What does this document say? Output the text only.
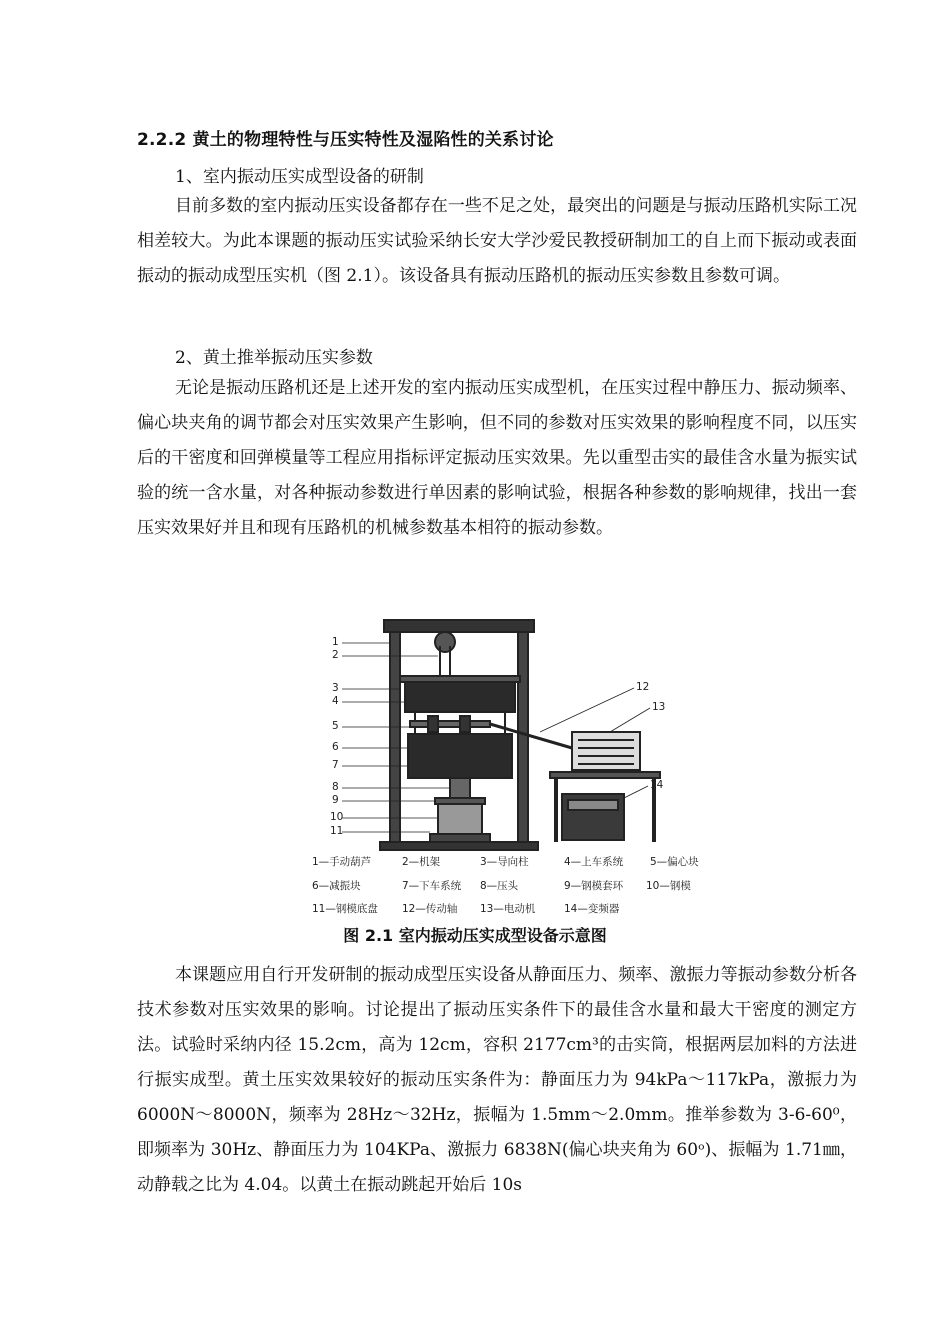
2.2.2 黄土的物理特性与压实特性及湿陷性的关系讨论
1、室内振动压实成型设备的研制
目前多数的室内振动压实设备都存在一些不足之处，最突出的问题是与振动压路机实际工况相差较大。为此本课题的振动压实试验采纳长安大学沙爱民教授研制加工的自上而下振动或表面振动的振动成型压实机（图 2.1）。该设备具有振动压路机的振动压实参数且参数可调。
2、黄土推举振动压实参数
无论是振动压路机还是上述开发的室内振动压实成型机，在压实过程中静压力、振动频率、偏心块夹角的调节都会对压实效果产生影响，但不同的参数对压实效果的影响程度不同，以压实后的干密度和回弹模量等工程应用指标评定振动压实效果。先以重型击实的最佳含水量为振实试验的统一含水量，对各种振动参数进行单因素的影响试验，根据各种参数的影响规律，找出一套压实效果好并且和现有压路机的机械参数基本相符的振动参数。
1
2
3
4
5
6
7
8
9
10
11
12
13
14
1—手动葫芦	2—机架	3—导向柱	4—上车系统	5—偏心块
6—减振块	7—下车系统 8—压头	9—钢模套环 10—钢模
11—钢模底盘 12—传动轴 13—电动机	14—变频器
图 2.1 室内振动压实成型设备示意图
本课题应用自行开发研制的振动成型压实设备从静面压力、频率、激振力等振动参数分析各技术参数对压实效果的影响。讨论提出了振动压实条件下的最佳含水量和最大干密度的测定方法。试验时采纳内径 15.2cm，高为 12cm，容积 2177cm³的击实筒，根据两层加料的方法进行振实成型。黄土压实效果较好的振动压实条件为：静面压力为 94kPa～117kPa，激振力为 6000N～8000N，频率为 28Hz～32Hz，振幅为 1.5mm～2.0mm。推举参数为 3-6-60⁰，即频率为 30Hz、静面压力为 104KPa、激振力 6838N(偏心块夹角为 60ᵒ)、振幅为 1.71㎜，动静载之比为 4.04。以黄土在振动跳起开始后 10s
